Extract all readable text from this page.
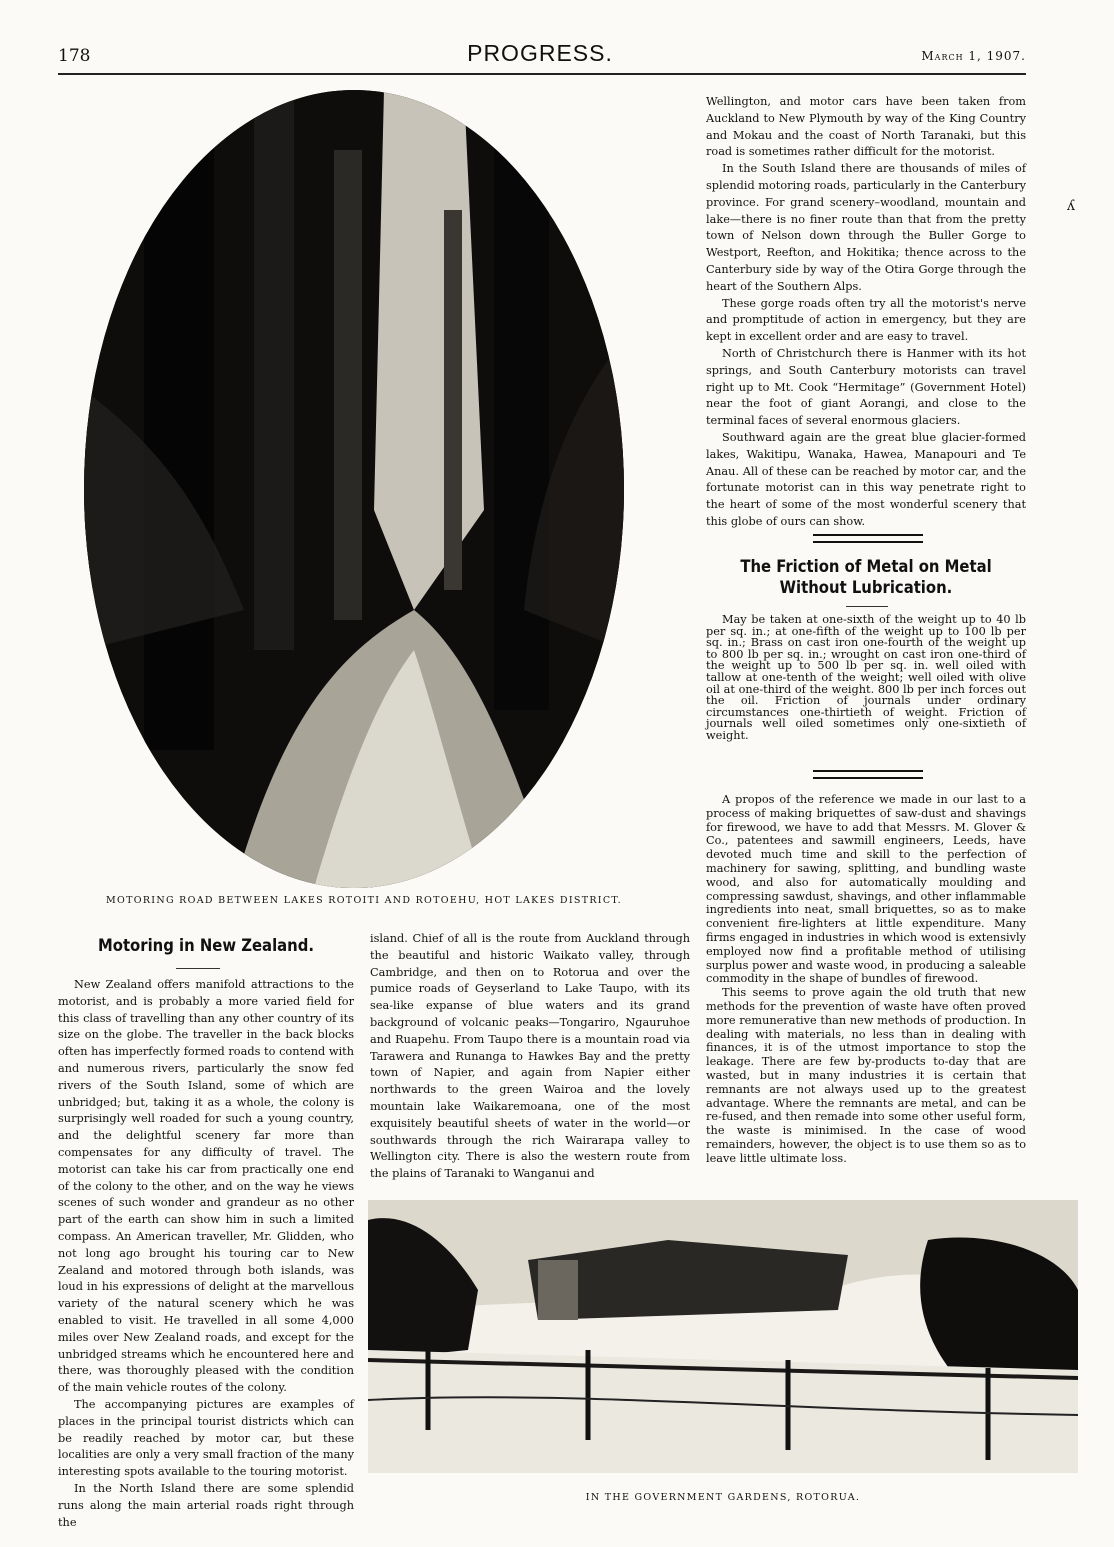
178	PROGRESS.	March 1, 1907.
MOTORING ROAD BETWEEN LAKES ROTOITI AND ROTOEHU, HOT LAKES DISTRICT.

Wellington, and motor cars have been taken from Auckland to New Plymouth by way of the King Country and Mokau and the coast of North Taranaki, but this road is sometimes rather difficult for the motorist.

In the South Island there are thousands of miles of splendid motoring roads, particularly in the Canterbury province. For grand scenery–woodland, mountain and lake—there is no finer route than that from the pretty town of Nelson down through the Buller Gorge to Westport, Reefton, and Hokitika; thence across to the Canterbury side by way of the Otira Gorge through the heart of the Southern Alps.

These gorge roads often try all the motorist's nerve and promptitude of action in emergency, but they are kept in excellent order and are easy to travel.

North of Christchurch there is Hanmer with its hot springs, and South Canterbury motorists can travel right up to Mt. Cook “Hermitage” (Government Hotel) near the foot of giant Aorangi, and close to the terminal faces of several enormous glaciers.

Southward again are the great blue glacier-formed lakes, Wakitipu, Wanaka, Hawea, Manapouri and Te Anau. All of these can be reached by motor car, and the fortunate motorist can in this way penetrate right to the heart of some of the most wonderful scenery that this globe of ours can show.

ʎ
The Friction of Metal on Metal Without Lubrication.

May be taken at one-sixth of the weight up to 40 lb per sq. in.; at one-fifth of the weight up to 100 lb per sq. in.; Brass on cast iron one-fourth of the weight up to 800 lb per sq. in.; wrought on cast iron one-third of the weight up to 500 lb per sq. in. well oiled with tallow at one-tenth of the weight; well oiled with olive oil at one-third of the weight. 800 lb per inch forces out the oil. Friction of journals under ordinary circumstances one-thirtieth of weight. Friction of journals well oiled sometimes only one-sixtieth of weight.

A propos of the reference we made in our last to a process of making briquettes of saw-dust and shavings for firewood, we have to add that Messrs. M. Glover & Co., patentees and sawmill engineers, Leeds, have devoted much time and skill to the perfection of machinery for sawing, splitting, and bundling waste wood, and also for automatically moulding and compressing sawdust, shavings, and other inflammable ingredients into neat, small briquettes, so as to make convenient fire-lighters at little expenditure. Many firms engaged in industries in which wood is extensivly employed now find a profitable method of utilising surplus power and waste wood, in producing a saleable commodity in the shape of bundles of firewood.

This seems to prove again the old truth that new methods for the prevention of waste have often proved more remunerative than new methods of production. In dealing with materials, no less than in dealing with finances, it is of the utmost importance to stop the leakage. There are few by-products to-day that are wasted, but in many industries it is certain that remnants are not always used up to the greatest advantage. Where the remnants are metal, and can be re-fused, and then remade into some other useful form, the waste is minimised. In the case of wood remainders, however, the object is to use them so as to leave little ultimate loss.

Motoring in New Zealand.

New Zealand offers manifold attractions to the motorist, and is probably a more varied field for this class of travelling than any other country of its size on the globe. The traveller in the back blocks often has imperfectly formed roads to contend with and numerous rivers, particularly the snow fed rivers of the South Island, some of which are unbridged; but, taking it as a whole, the colony is surprisingly well roaded for such a young country, and the delightful scenery far more than compensates for any difficulty of travel. The motorist can take his car from practically one end of the colony to the other, and on the way he views scenes of such wonder and grandeur as no other part of the earth can show him in such a limited compass. An American traveller, Mr. Glidden, who not long ago brought his touring car to New Zealand and motored through both islands, was loud in his expressions of delight at the marvellous variety of the natural scenery which he was enabled to visit. He travelled in all some 4,000 miles over New Zealand roads, and except for the unbridged streams which he encountered here and there, was thoroughly pleased with the condition of the main vehicle routes of the colony.

The accompanying pictures are examples of places in the principal tourist districts which can be readily reached by motor car, but these localities are only a very small fraction of the many interesting spots available to the touring motorist.

In the North Island there are some splendid runs along the main arterial roads right through the

island. Chief of all is the route from Auckland through the beautiful and historic Waikato valley, through Cambridge, and then on to Rotorua and over the pumice roads of Geyserland to Lake Taupo, with its sea-like expanse of blue waters and its grand background of volcanic peaks—Tongariro, Ngauruhoe and Ruapehu. From Taupo there is a mountain road via Tarawera and Runanga to Hawkes Bay and the pretty town of Napier, and again from Napier either northwards to the green Wairoa and the lovely mountain lake Waikaremoana, one of the most exquisitely beautiful sheets of water in the world—or southwards through the rich Wairarapa valley to Wellington city. There is also the western route from the plains of Taranaki to Wanganui and

IN THE GOVERNMENT GARDENS, ROTORUA.
